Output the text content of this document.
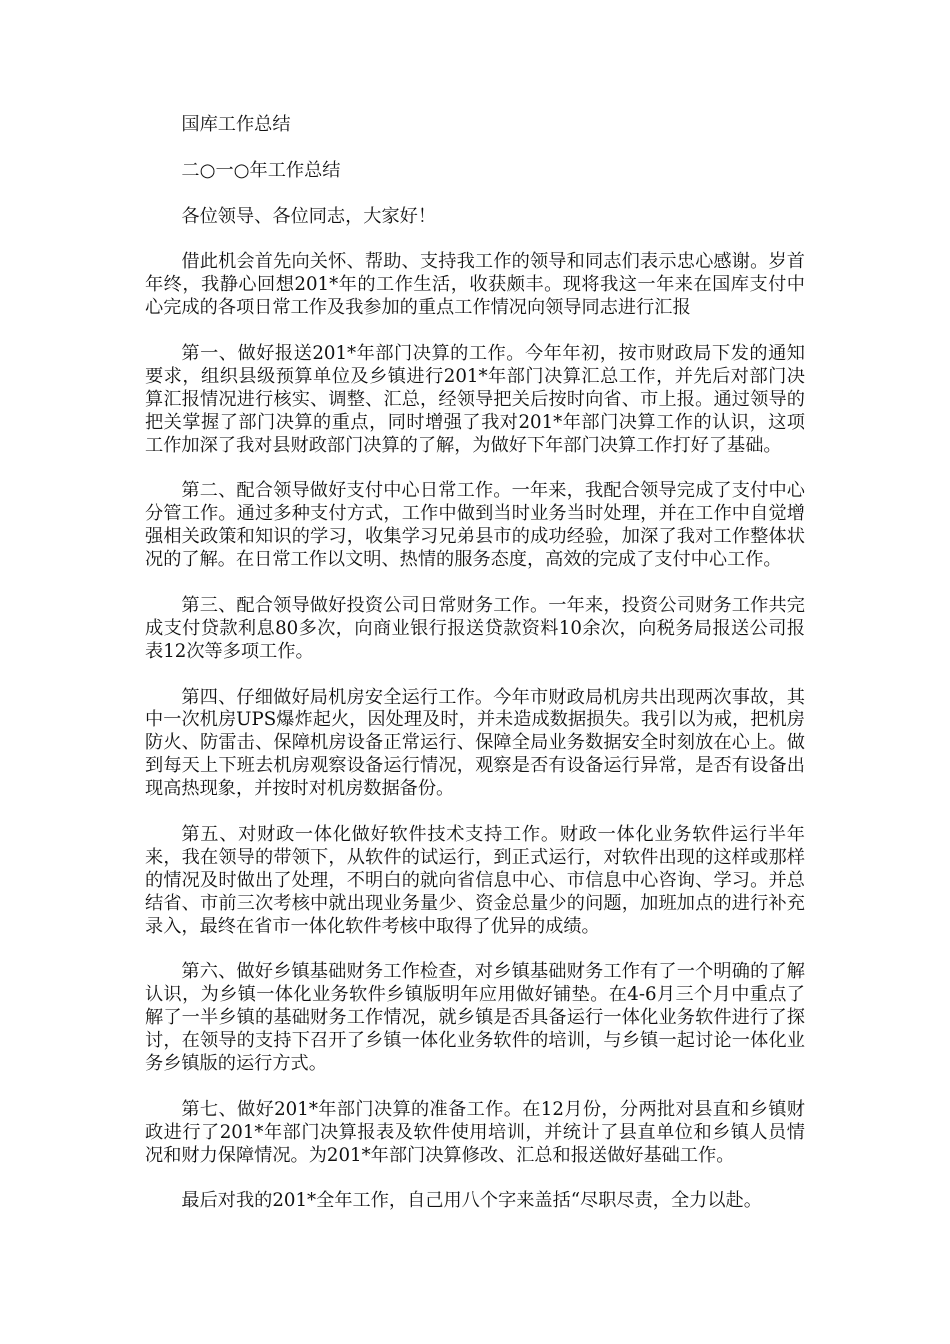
国库工作总结

二○一○年工作总结

各位领导、各位同志，大家好！

借此机会首先向关怀、帮助、支持我工作的领导和同志们表示忠心感谢。岁首年终，我静心回想201*年的工作生活，收获颇丰。现将我这一年来在国库支付中心完成的各项日常工作及我参加的重点工作情况向领导同志进行汇报

第一、做好报送201*年部门决算的工作。今年年初，按市财政局下发的通知要求，组织县级预算单位及乡镇进行201*年部门决算汇总工作，并先后对部门决算汇报情况进行核实、调整、汇总，经领导把关后按时向省、市上报。通过领导的把关掌握了部门决算的重点，同时增强了我对201*年部门决算工作的认识，这项工作加深了我对县财政部门决算的了解，为做好下年部门决算工作打好了基础。

第二、配合领导做好支付中心日常工作。一年来，我配合领导完成了支付中心分管工作。通过多种支付方式，工作中做到当时业务当时处理，并在工作中自觉增强相关政策和知识的学习，收集学习兄弟县市的成功经验，加深了我对工作整体状况的了解。在日常工作以文明、热情的服务态度，高效的完成了支付中心工作。

第三、配合领导做好投资公司日常财务工作。一年来，投资公司财务工作共完成支付贷款利息80多次，向商业银行报送贷款资料10余次，向税务局报送公司报表12次等多项工作。

第四、仔细做好局机房安全运行工作。今年市财政局机房共出现两次事故，其中一次机房UPS爆炸起火，因处理及时，并未造成数据损失。我引以为戒，把机房防火、防雷击、保障机房设备正常运行、保障全局业务数据安全时刻放在心上。做到每天上下班去机房观察设备运行情况，观察是否有设备运行异常，是否有设备出现高热现象，并按时对机房数据备份。

第五、对财政一体化做好软件技术支持工作。财政一体化业务软件运行半年来，我在领导的带领下，从软件的试运行，到正式运行，对软件出现的这样或那样的情况及时做出了处理，不明白的就向省信息中心、市信息中心咨询、学习。并总结省、市前三次考核中就出现业务量少、资金总量少的问题，加班加点的进行补充录入，最终在省市一体化软件考核中取得了优异的成绩。

第六、做好乡镇基础财务工作检查，对乡镇基础财务工作有了一个明确的了解认识，为乡镇一体化业务软件乡镇版明年应用做好铺垫。在4-6月三个月中重点了解了一半乡镇的基础财务工作情况，就乡镇是否具备运行一体化业务软件进行了探讨，在领导的支持下召开了乡镇一体化业务软件的培训，与乡镇一起讨论一体化业务乡镇版的运行方式。

第七、做好201*年部门决算的准备工作。在12月份，分两批对县直和乡镇财政进行了201*年部门决算报表及软件使用培训，并统计了县直单位和乡镇人员情况和财力保障情况。为201*年部门决算修改、汇总和报送做好基础工作。

最后对我的201*全年工作，自己用八个字来盖括“尽职尽责，全力以赴。
